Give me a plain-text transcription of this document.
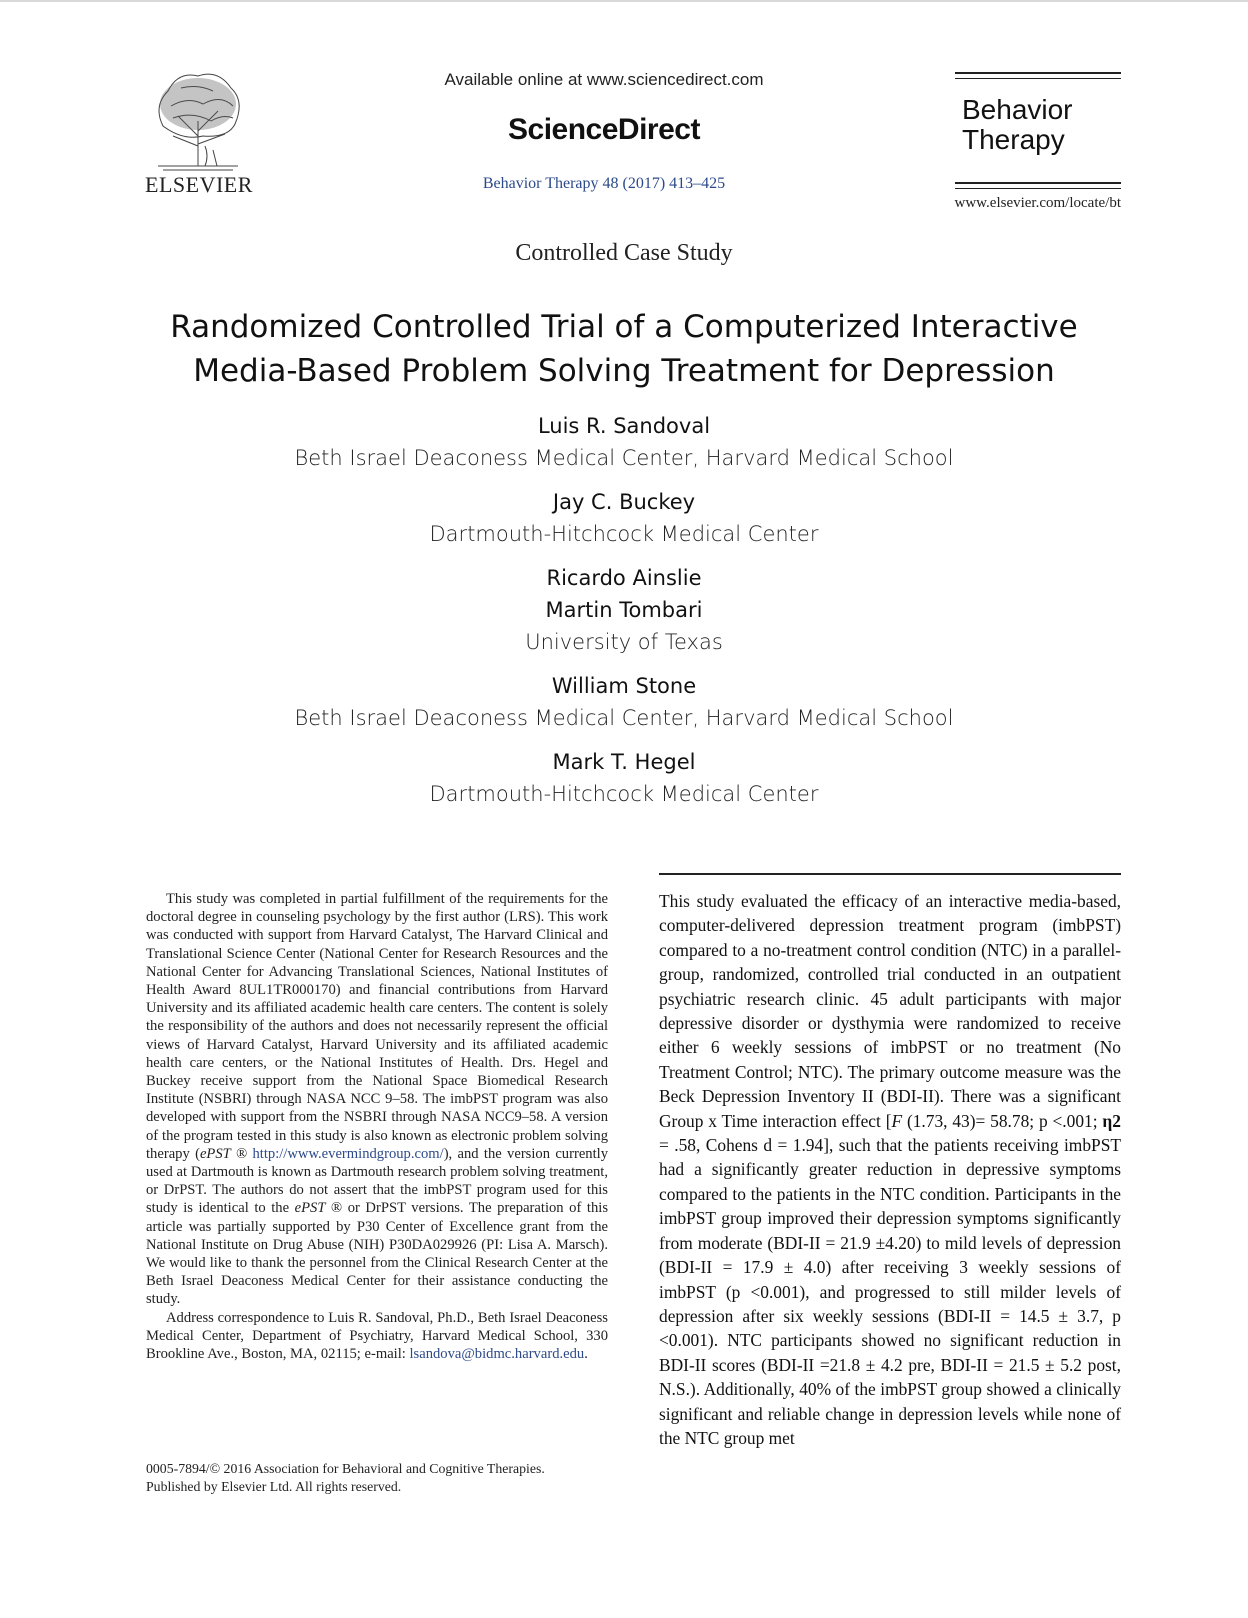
ELSEVIER
Available online at www.sciencedirect.com
ScienceDirect
Behavior Therapy 48 (2017) 413–425
Behavior
Therapy
www.elsevier.com/locate/bt
Controlled Case Study
Randomized Controlled Trial of a Computerized Interactive
Media-Based Problem Solving Treatment for Depression
Luis R. Sandoval
Beth Israel Deaconess Medical Center, Harvard Medical School
Jay C. Buckey
Dartmouth-Hitchcock Medical Center
Ricardo Ainslie
Martin Tombari
University of Texas
William Stone
Beth Israel Deaconess Medical Center, Harvard Medical School
Mark T. Hegel
Dartmouth-Hitchcock Medical Center

This study was completed in partial fulfillment of the requirements for the doctoral degree in counseling psychology by the first author (LRS). This work was conducted with support from Harvard Catalyst, The Harvard Clinical and Translational Science Center (National Center for Research Resources and the National Center for Advancing Translational Sciences, National Institutes of Health Award 8UL1TR000170) and financial contributions from Harvard University and its affiliated academic health care centers. The content is solely the responsibility of the authors and does not necessarily represent the official views of Harvard Catalyst, Harvard University and its affiliated academic health care centers, or the National Institutes of Health. Drs. Hegel and Buckey receive support from the National Space Biomedical Research Institute (NSBRI) through NASA NCC 9–58. The imbPST program was also developed with support from the NSBRI through NASA NCC9–58. A version of the program tested in this study is also known as electronic problem solving therapy (ePST ® http://www.evermindgroup.com/), and the version currently used at Dartmouth is known as Dartmouth research problem solving treatment, or DrPST. The authors do not assert that the imbPST program used for this study is identical to the ePST ® or DrPST versions. The preparation of this article was partially supported by P30 Center of Excellence grant from the National Institute on Drug Abuse (NIH) P30DA029926 (PI: Lisa A. Marsch). We would like to thank the personnel from the Clinical Research Center at the Beth Israel Deaconess Medical Center for their assistance conducting the study.

Address correspondence to Luis R. Sandoval, Ph.D., Beth Israel Deaconess Medical Center, Department of Psychiatry, Harvard Medical School, 330 Brookline Ave., Boston, MA, 02115; e-mail: lsandova@bidmc.harvard.edu.

0005-7894/© 2016 Association for Behavioral and Cognitive Therapies.
Published by Elsevier Ltd. All rights reserved.
This study evaluated the efficacy of an interactive media-based, computer-delivered depression treatment program (imbPST) compared to a no-treatment control condition (NTC) in a parallel-group, randomized, controlled trial conducted in an outpatient psychiatric research clinic. 45 adult participants with major depressive disorder or dysthymia were randomized to receive either 6 weekly sessions of imbPST or no treatment (No Treatment Control; NTC). The primary outcome measure was the Beck Depression Inventory II (BDI-II). There was a significant Group x Time interaction effect [F (1.73, 43)= 58.78; p <.001; η2 = .58, Cohens d = 1.94], such that the patients receiving imbPST had a significantly greater reduction in depressive symptoms compared to the patients in the NTC condition. Participants in the imbPST group improved their depression symptoms significantly from moderate (BDI-II = 21.9 ±4.20) to mild levels of depression (BDI-II = 17.9 ± 4.0) after receiving 3 weekly sessions of imbPST (p <0.001), and progressed to still milder levels of depression after six weekly sessions (BDI-II = 14.5 ± 3.7, p <0.001). NTC participants showed no significant reduction in BDI-II scores (BDI-II =21.8 ± 4.2 pre, BDI-II = 21.5 ± 5.2 post, N.S.). Additionally, 40% of the imbPST group showed a clinically significant and reliable change in depression levels while none of the NTC group met
